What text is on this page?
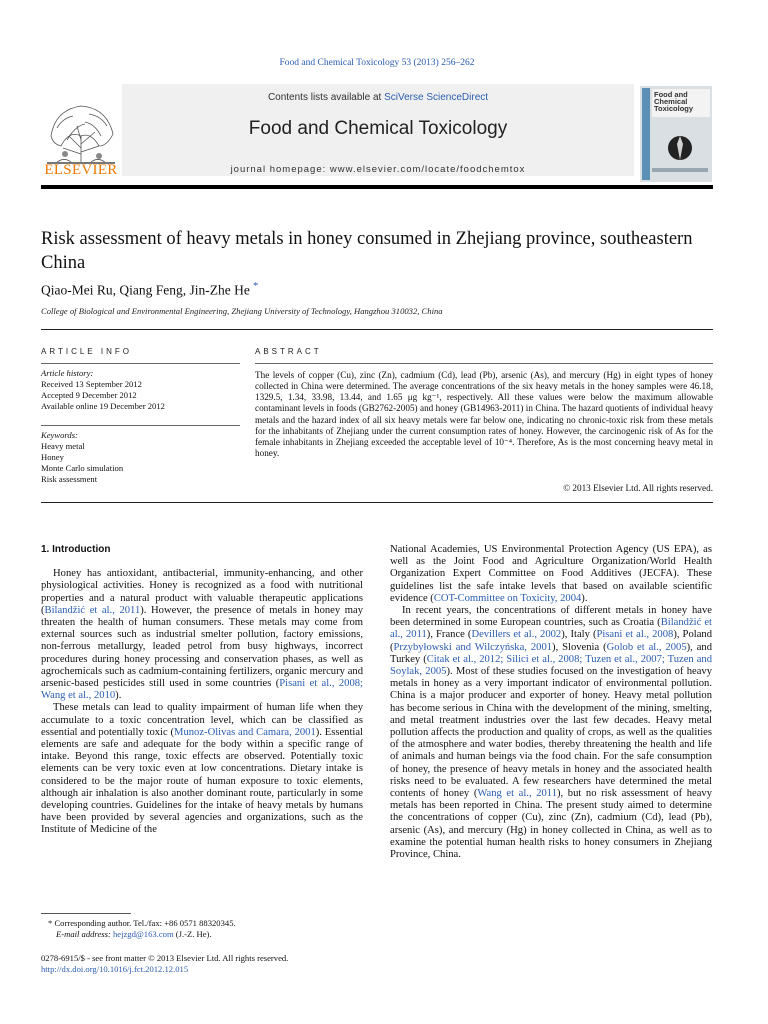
Food and Chemical Toxicology 53 (2013) 256–262
Contents lists available at SciVerse ScienceDirect
Food and Chemical Toxicology
journal homepage: www.elsevier.com/locate/foodchemtox
ELSEVIER
Food and
Chemical
Toxicology
Risk assessment of heavy metals in honey consumed in Zhejiang province, southeastern China
Qiao-Mei Ru, Qiang Feng, Jin-Zhe He *
College of Biological and Environmental Engineering, Zhejiang University of Technology, Hangzhou 310032, China
ARTICLE INFO
Article history:
Received 13 September 2012
Accepted 9 December 2012
Available online 19 December 2012
Keywords:
Heavy metal
Honey
Monte Carlo simulation
Risk assessment
ABSTRACT
The levels of copper (Cu), zinc (Zn), cadmium (Cd), lead (Pb), arsenic (As), and mercury (Hg) in eight types of honey collected in China were determined. The average concentrations of the six heavy metals in the honey samples were 46.18, 1329.5, 1.34, 33.98, 13.44, and 1.65 μg kg⁻¹, respectively. All these values were below the maximum allowable contaminant levels in foods (GB2762-2005) and honey (GB14963-2011) in China. The hazard quotients of individual heavy metals and the hazard index of all six heavy metals were far below one, indicating no chronic-toxic risk from these metals for the inhabitants of Zhejiang under the current consumption rates of honey. However, the carcinogenic risk of As for the female inhabitants in Zhejiang exceeded the acceptable level of 10⁻⁴. Therefore, As is the most concerning heavy metal in honey.
© 2013 Elsevier Ltd. All rights reserved.
1. Introduction

Honey has antioxidant, antibacterial, immunity-enhancing, and other physiological activities. Honey is recognized as a food with nutritional properties and a natural product with valuable therapeutic applications (Bilandžić et al., 2011). However, the presence of metals in honey may threaten the health of human consumers. These metals may come from external sources such as industrial smelter pollution, factory emissions, non-ferrous metallurgy, leaded petrol from busy highways, incorrect procedures during honey processing and conservation phases, as well as agrochemicals such as cadmium-containing fertilizers, organic mercury and arsenic-based pesticides still used in some countries (Pisani et al., 2008; Wang et al., 2010).

These metals can lead to quality impairment of human life when they accumulate to a toxic concentration level, which can be classified as essential and potentially toxic (Munoz-Olivas and Camara, 2001). Essential elements are safe and adequate for the body within a specific range of intake. Beyond this range, toxic effects are observed. Potentially toxic elements can be very toxic even at low concentrations. Dietary intake is considered to be the major route of human exposure to toxic elements, although air inhalation is also another dominant route, particularly in some developing countries. Guidelines for the intake of heavy metals by humans have been provided by several agencies and organizations, such as the Institute of Medicine of the

National Academies, US Environmental Protection Agency (US EPA), as well as the Joint Food and Agriculture Organization/World Health Organization Expert Committee on Food Additives (JECFA). These guidelines list the safe intake levels that based on available scientific evidence (COT-Committee on Toxicity, 2004).

In recent years, the concentrations of different metals in honey have been determined in some European countries, such as Croatia (Bilandžić et al., 2011), France (Devillers et al., 2002), Italy (Pisani et al., 2008), Poland (Przybyłowski and Wilczyńska, 2001), Slovenia (Golob et al., 2005), and Turkey (Citak et al., 2012; Silici et al., 2008; Tuzen et al., 2007; Tuzen and Soylak, 2005). Most of these studies focused on the investigation of heavy metals in honey as a very important indicator of environmental pollution. China is a major producer and exporter of honey. Heavy metal pollution has become serious in China with the development of the mining, smelting, and metal treatment industries over the last few decades. Heavy metal pollution affects the production and quality of crops, as well as the qualities of the atmosphere and water bodies, thereby threatening the health and life of animals and human beings via the food chain. For the safe consumption of honey, the presence of heavy metals in honey and the associated health risks need to be evaluated. A few researchers have determined the metal contents of honey (Wang et al., 2011), but no risk assessment of heavy metals has been reported in China. The present study aimed to determine the concentrations of copper (Cu), zinc (Zn), cadmium (Cd), lead (Pb), arsenic (As), and mercury (Hg) in honey collected in China, as well as to examine the potential human health risks to honey consumers in Zhejiang Province, China.

* Corresponding author. Tel./fax: +86 0571 88320345.
E-mail address: hejzgd@163.com (J.-Z. He).
0278-6915/$ - see front matter © 2013 Elsevier Ltd. All rights reserved.
http://dx.doi.org/10.1016/j.fct.2012.12.015
